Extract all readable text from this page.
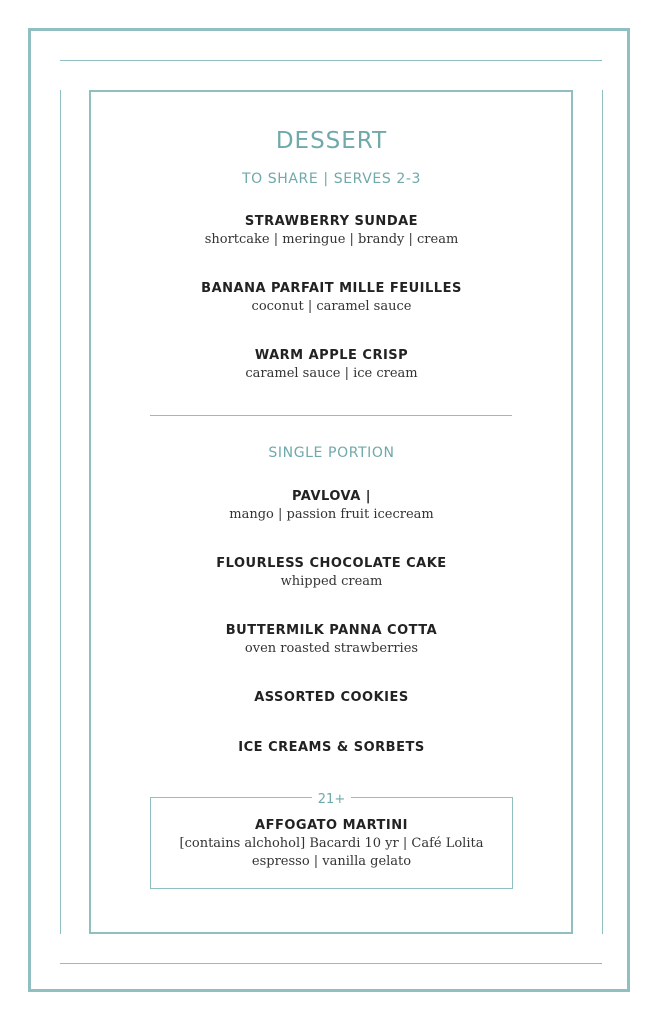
DESSERT
TO SHARE | SERVES 2-3
STRAWBERRY SUNDAE
shortcake | meringue | brandy | cream
BANANA PARFAIT MILLE FEUILLES
coconut | caramel sauce
WARM APPLE CRISP
caramel sauce | ice cream
SINGLE PORTION
PAVLOVA |
mango | passion fruit icecream
FLOURLESS CHOCOLATE CAKE
whipped cream
BUTTERMILK PANNA COTTA
oven roasted strawberries
ASSORTED COOKIES
ICE CREAMS & SORBETS
21+
AFFOGATO MARTINI
[contains alchohol] Bacardi 10 yr | Café Lolita
espresso | vanilla gelato
